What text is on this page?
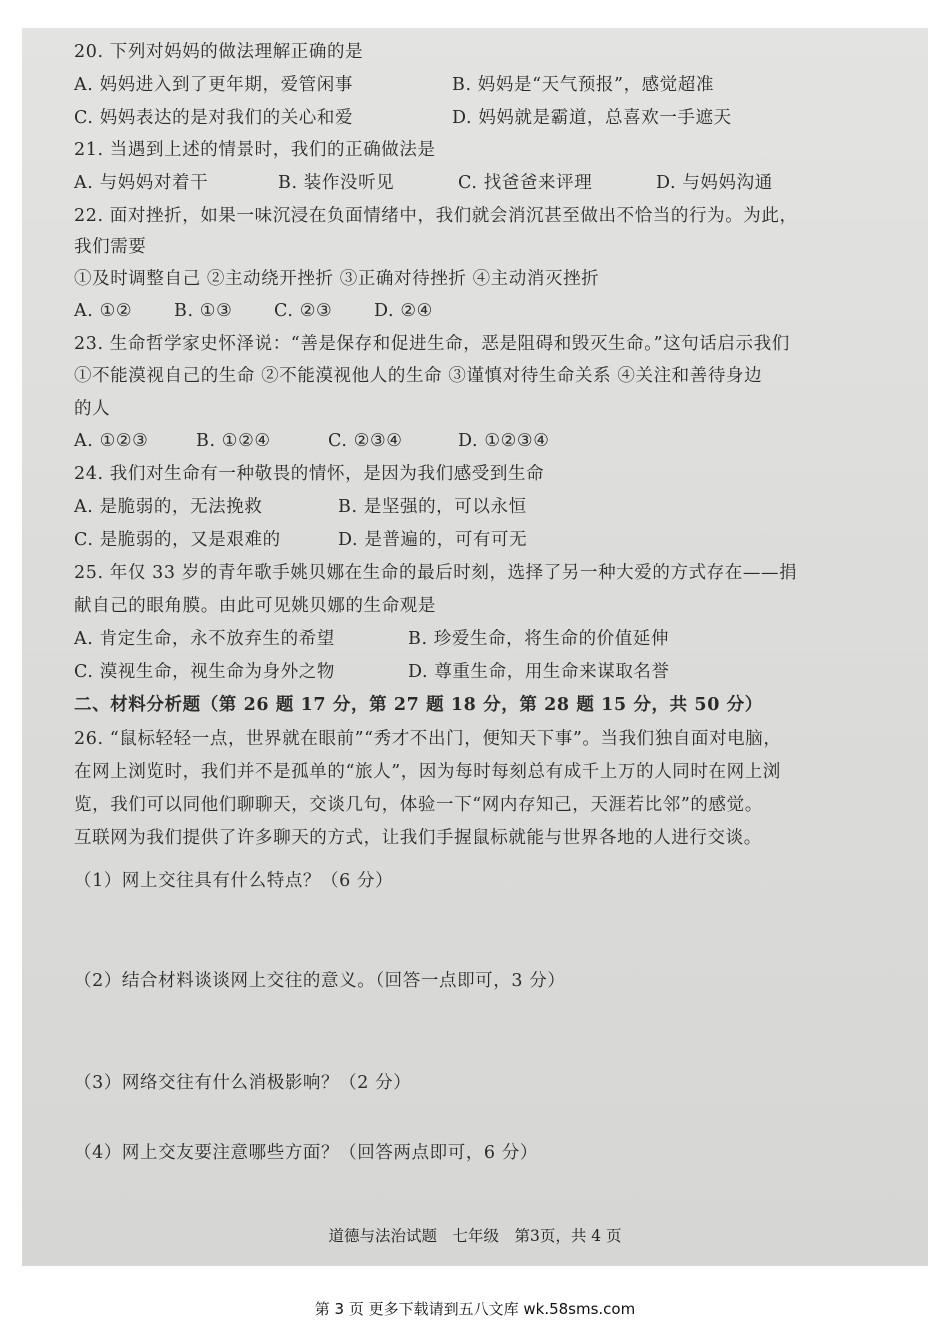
20. 下列对妈妈的做法理解正确的是
A. 妈妈进入到了更年期，爱管闲事	B. 妈妈是“天气预报”，感觉超准
C. 妈妈表达的是对我们的关心和爱	D. 妈妈就是霸道，总喜欢一手遮天
21. 当遇到上述的情景时，我们的正确做法是
A. 与妈妈对着干	B. 装作没听见	C. 找爸爸来评理	D. 与妈妈沟通
22. 面对挫折，如果一味沉浸在负面情绪中，我们就会消沉甚至做出不恰当的行为。为此，
我们需要
①及时调整自己 ②主动绕开挫折 ③正确对待挫折 ④主动消灭挫折
A. ①② B. ①③ C. ②③ D. ②④
23. 生命哲学家史怀泽说：“善是保存和促进生命，恶是阻碍和毁灭生命。”这句话启示我们
①不能漠视自己的生命 ②不能漠视他人的生命 ③谨慎对待生命关系 ④关注和善待身边
的人
A. ①②③	B. ①②④	C. ②③④	D. ①②③④
24. 我们对生命有一种敬畏的情怀，是因为我们感受到生命
A. 是脆弱的，无法挽救	B. 是坚强的，可以永恒
C. 是脆弱的，又是艰难的	D. 是普遍的，可有可无
25. 年仅 33 岁的青年歌手姚贝娜在生命的最后时刻，选择了另一种大爱的方式存在——捐
献自己的眼角膜。由此可见姚贝娜的生命观是
A. 肯定生命，永不放弃生的希望	B. 珍爱生命，将生命的价值延伸
C. 漠视生命，视生命为身外之物	D. 尊重生命，用生命来谋取名誉
二、材料分析题（第 26 题 17 分，第 27 题 18 分，第 28 题 15 分，共 50 分）
26. “鼠标轻轻一点，世界就在眼前”“秀才不出门，便知天下事”。当我们独自面对电脑，
在网上浏览时，我们并不是孤单的“旅人”，因为每时每刻总有成千上万的人同时在网上浏
览，我们可以同他们聊聊天，交谈几句，体验一下“网内存知己，天涯若比邻”的感觉。
互联网为我们提供了许多聊天的方式，让我们手握鼠标就能与世界各地的人进行交谈。
（1）网上交往具有什么特点？（6 分）
（2）结合材料谈谈网上交往的意义。（回答一点即可，3 分）
（3）网络交往有什么消极影响？（2 分）
（4）网上交友要注意哪些方面？（回答两点即可，6 分）
道德与法治试题　七年级　第3页，共 4 页
第 3 页 更多下载请到五八文库 wk.58sms.com
